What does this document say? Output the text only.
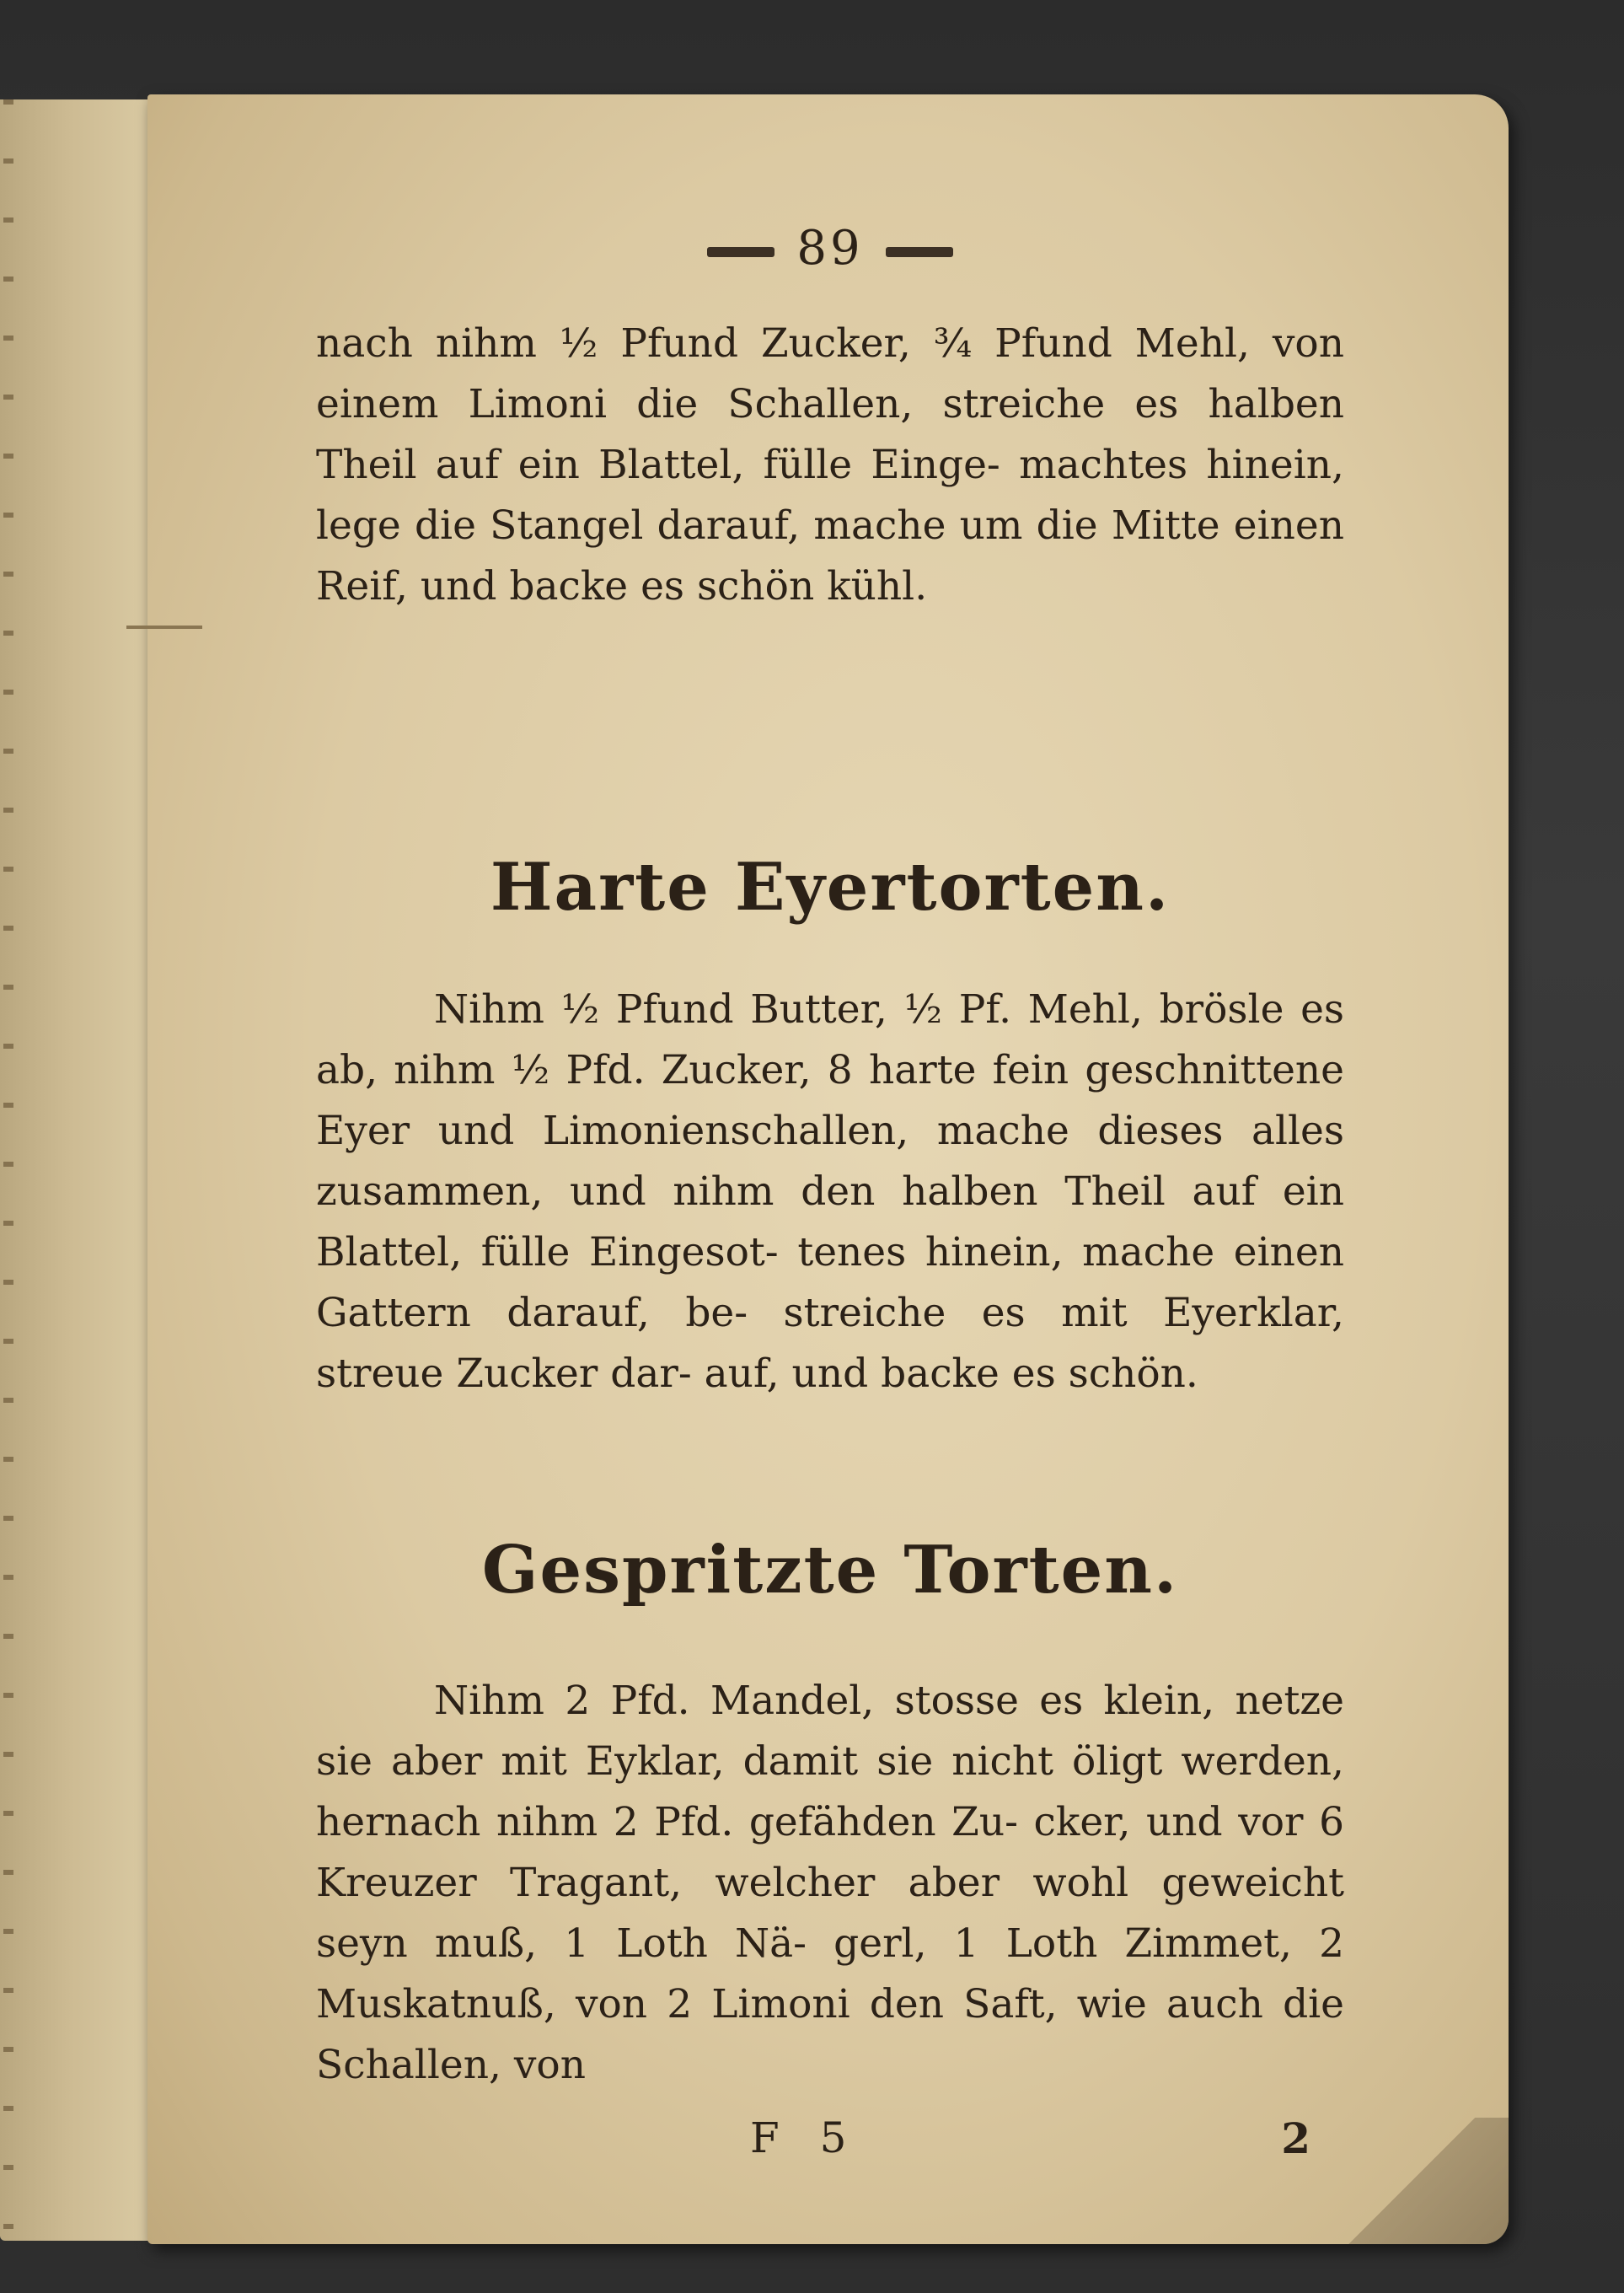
89

nach nihm ½ Pfund Zucker, ¾ Pfund Mehl, von einem Limoni die Schallen, streiche es halben Theil auf ein Blattel, fülle Einge- machtes hinein, lege die Stangel darauf, mache um die Mitte einen Reif, und backe es schön kühl.

Harte Eyertorten.

Nihm ½ Pfund Butter, ½ Pf. Mehl, brösle es ab, nihm ½ Pfd. Zucker, 8 harte fein geschnittene Eyer und Limonienschallen, mache dieses alles zusammen, und nihm den halben Theil auf ein Blattel, fülle Eingesot- tenes hinein, mache einen Gattern darauf, be- streiche es mit Eyerklar, streue Zucker dar- auf, und backe es schön.

Gespritzte Torten.

Nihm 2 Pfd. Mandel, stosse es klein, netze sie aber mit Eyklar, damit sie nicht öligt werden, hernach nihm 2 Pfd. gefähden Zu- cker, und vor 6 Kreuzer Tragant, welcher aber wohl geweicht seyn muß, 1 Loth Nä- gerl, 1 Loth Zimmet, 2 Muskatnuß, von 2 Limoni den Saft, wie auch die Schallen, von

F 5	2
